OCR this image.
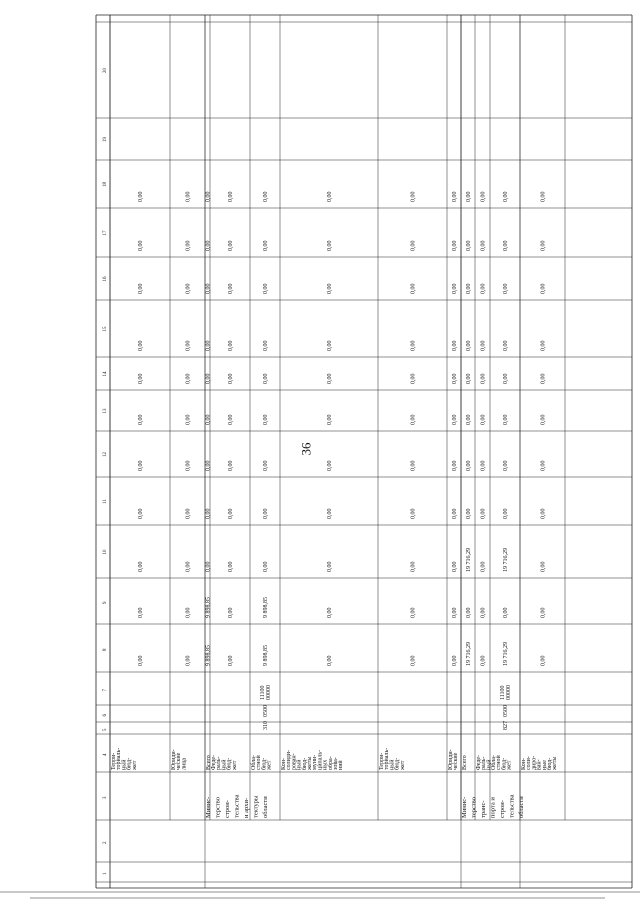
36
1
2
3
4
5
6
7
8
9
10
11
12
13
14
15
16
17
18
19
20
Минис- терство строи- тельства и архи- тектуры области	Минис- терство транс- порта и строи- тельства области
Терри- ториаль- ный бюд- жет
0,00
0,00
0,00
0,00
0,00
0,00
0,00
0,00
0,00
0,00
0,00
Юриди- ческие лица
0,00
0,00
0,00
0,00
0,00
0,00
0,00
0,00
0,00
0,00
0,00
Всего
9 898,85
9 898,85
0,00
0,00
0,00
0,00
0,00
0,00
0,00
0,00
0,00
Феде- раль- ный бюд- жет
0,00
0,00
0,00
0,00
0,00
0,00
0,00
0,00
0,00
0,00
0,00
Обла- стной бюд- жет
310
0500
11100 00000
9 898,85
9 898,85
0,00
0,00
0,00
0,00
0,00
0,00
0,00
0,00
0,00
Кон- солиди- рован- ный бюд- жеты муни- ципаль- ных обра- зова- ний
0,00
0,00
0,00
0,00
0,00
0,00
0,00
0,00
0,00
0,00
0,00
Терри- ториаль- ный бюд- жет
0,00
0,00
0,00
0,00
0,00
0,00
0,00
0,00
0,00
0,00
0,00
Юриди- ческие
0,00
0,00
0,00
0,00
0,00
0,00
0,00
0,00
0,00
0,00
0,00
Всего
19 716,29
0,00
19 716,29
0,00
0,00
0,00
0,00
0,00
0,00
0,00
0,00
Феде- раль- ный
0,00
0,00
0,00
0,00
0,00
0,00
0,00
0,00
0,00
0,00
0,00
Обла- стной бюд- жет
827
0500
11100 00000
19 716,29
0,00
19 716,29
0,00
0,00
0,00
0,00
0,00
0,00
0,00
0,00
Кон- соли- диро- ван- ные бюд- жеты
0,00
0,00
0,00
0,00
0,00
0,00
0,00
0,00
0,00
0,00
0,00
